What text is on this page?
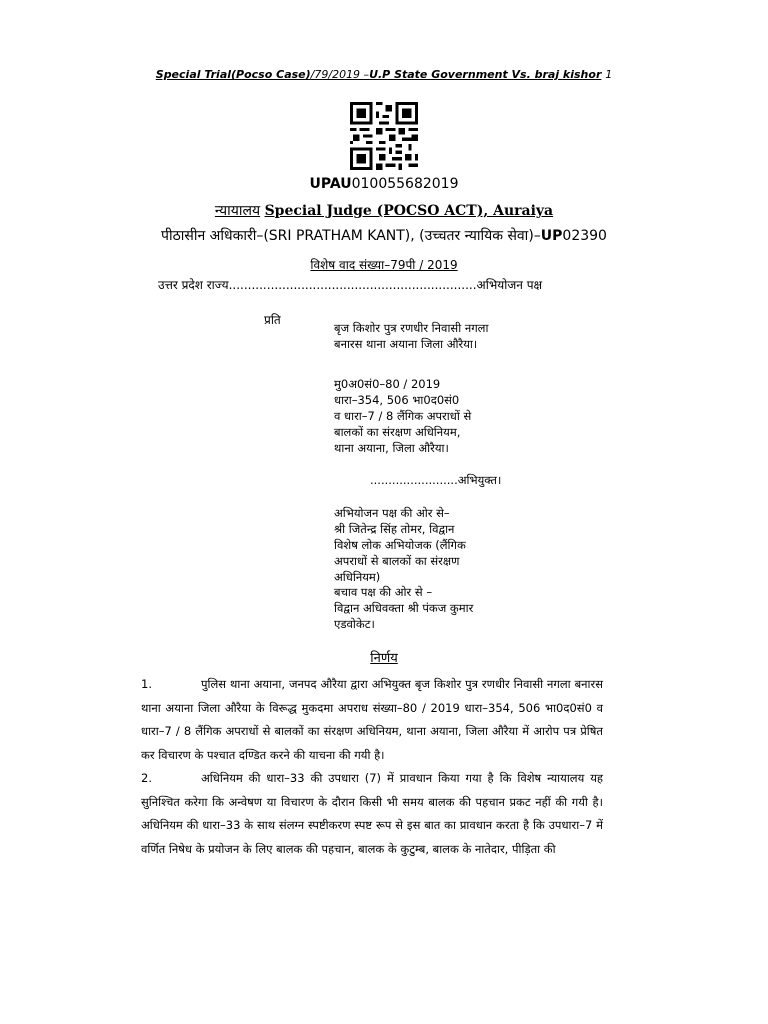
Special Trial(Pocso Case)/79/2019 –U.P State Government Vs. braj kishor 1
UPAU010055682019
न्यायालय Special Judge (POCSO ACT), Auraiya
पीठासीन अधिकारी–(SRI PRATHAM KANT), (उच्चतर न्यायिक सेवा)–UP02390
विशेष वाद संख्या–79पी / 2019
उत्तर प्रदेश राज्य.................................................................अभियोजन पक्ष
प्रति
बृज किशोर पुत्र रणधीर निवासी नगला
बनारस थाना अयाना जिला औरैया।
मु0अ0सं0–80 / 2019
धारा–354, 506 भा0द0सं0
व धारा–7 / 8 लैंगिक अपराधों से
बालकों का संरक्षण अधिनियम,
थाना अयाना, जिला औरैया।
........................अभियुक्त।
अभियोजन पक्ष की ओर से–
श्री जितेन्द्र सिंह तोमर, विद्वान
विशेष लोक अभियोजक (लैंगिक
अपराधों से बालकों का संरक्षण
अधिनियम)
बचाव पक्ष की ओर से –
विद्वान अधिवक्ता श्री पंकज कुमार
एडवोकेट।
निर्णय

1.	पुलिस थाना अयाना, जनपद औरैया द्वारा अभियुक्त बृज किशोर पुत्र रणधीर निवासी नगला बनारस थाना अयाना जिला औरैया के विरूद्ध मुकदमा अपराध संख्या–80 / 2019 धारा–354, 506 भा0द0सं0 व धारा–7 / 8 लैंगिक अपराधों से बालकों का संरक्षण अधिनियम, थाना अयाना, जिला औरैया में आरोप पत्र प्रेषित कर विचारण के पश्चात दण्डित करने की याचना की गयी है।

2.	अधिनियम की धारा–33 की उपधारा (7) में प्रावधान किया गया है कि विशेष न्यायालय यह सुनिश्चित करेगा कि अन्वेषण या विचारण के दौरान किसी भी समय बालक की पहचान प्रकट नहीं की गयी है। अधिनियम की धारा–33 के साथ संलग्न स्पष्टीकरण स्पष्ट रूप से इस बात का प्रावधान करता है कि उपधारा–7 में वर्णित निषेध के प्रयोजन के लिए बालक की पहचान, बालक के कुटुम्ब, बालक के नातेदार, पीड़िता की
